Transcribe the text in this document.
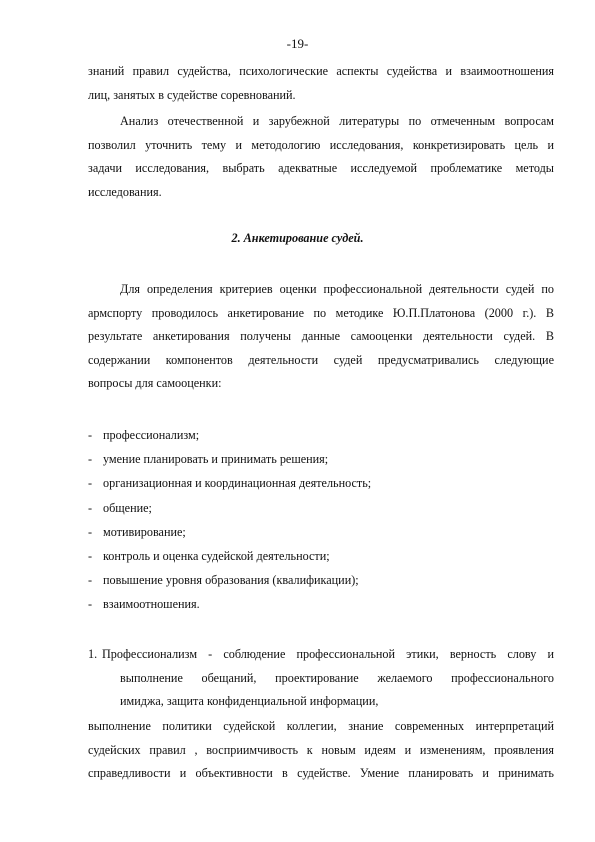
-19-
знаний правил судейства, психологические аспекты судейства и взаимоотношения
лиц, занятых в судействе соревнований.
Анализ отечественной и зарубежной литературы по отмеченным вопросам
позволил уточнить тему и методологию исследования, конкретизировать цель и
задачи исследования, выбрать адекватные исследуемой проблематике методы
исследования.
2. Анкетирование судей.
Для определения критериев оценки профессиональной деятельности судей по
армспорту проводилось анкетирование по методике Ю.П.Платонова (2000 г.). В
результате анкетирования получены данные самооценки деятельности судей. В
содержании компонентов деятельности судей предусматривались следующие
вопросы для самооценки:
- профессионализм;
- умение планировать и принимать решения;
- организационная и координационная деятельность;
- общение;
- мотивирование;
- контроль и оценка судейской деятельности;
- повышение уровня образования (квалификации);
- взаимоотношения.
1. Профессионализм - соблюдение профессиональной этики, верность слову и
выполнение обещаний, проектирование желаемого профессионального
имиджа, защита конфиденциальной информации,
выполнение политики судейской коллегии, знание современных интерпретаций
судейских правил , восприимчивость к новым идеям и изменениям, проявления
справедливости и объективности в судействе. Умение планировать и принимать
